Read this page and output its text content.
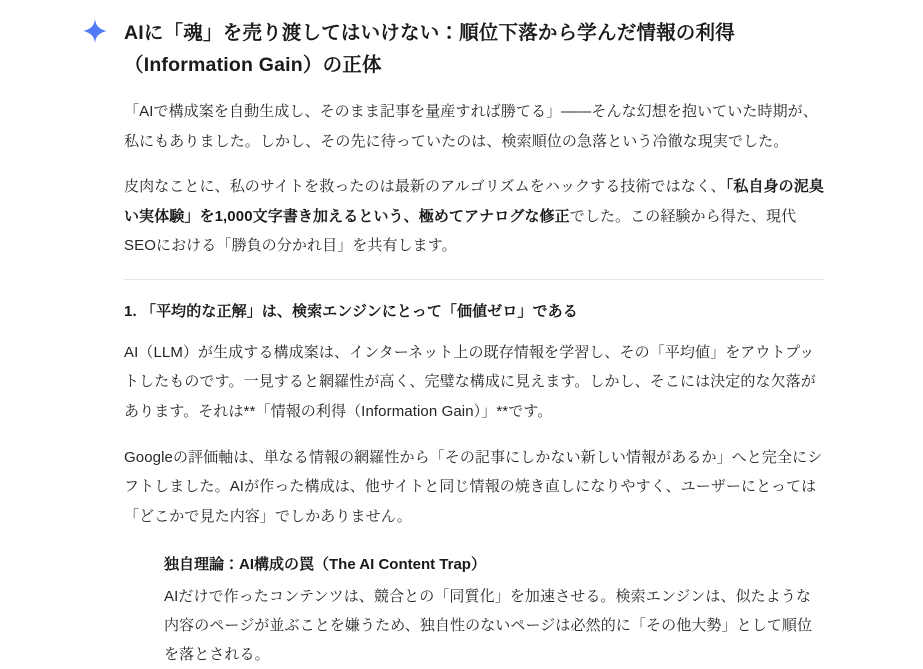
AIに「魂」を売り渡してはいけない：順位下落から学んだ情報の利得
（Information Gain）の正体

「AIで構成案を自動生成し、そのまま記事を量産すれば勝てる」——そんな幻想を抱いていた時期が、私にもありました。しかし、その先に待っていたのは、検索順位の急落という冷徹な現実でした。

皮肉なことに、私のサイトを救ったのは最新のアルゴリズムをハックする技術ではなく、「私自身の泥臭い実体験」を1,000文字書き加えるという、極めてアナログな修正でした。この経験から得た、現代SEOにおける「勝負の分かれ目」を共有します。

1. 「平均的な正解」は、検索エンジンにとって「価値ゼロ」である

AI（LLM）が生成する構成案は、インターネット上の既存情報を学習し、その「平均値」をアウトプットしたものです。一見すると網羅性が高く、完璧な構成に見えます。しかし、そこには決定的な欠落があります。それは**「情報の利得（Information Gain）」**です。

Googleの評価軸は、単なる情報の網羅性から「その記事にしかない新しい情報があるか」へと完全にシフトしました。AIが作った構成は、他サイトと同じ情報の焼き直しになりやすく、ユーザーにとっては「どこかで見た内容」でしかありません。

独自理論：AI構成の罠（The AI Content Trap）
AIだけで作ったコンテンツは、競合との「同質化」を加速させる。検索エンジンは、似たような内容のページが並ぶことを嫌うため、独自性のないページは必然的に「その他大勢」として順位を落とされる。
